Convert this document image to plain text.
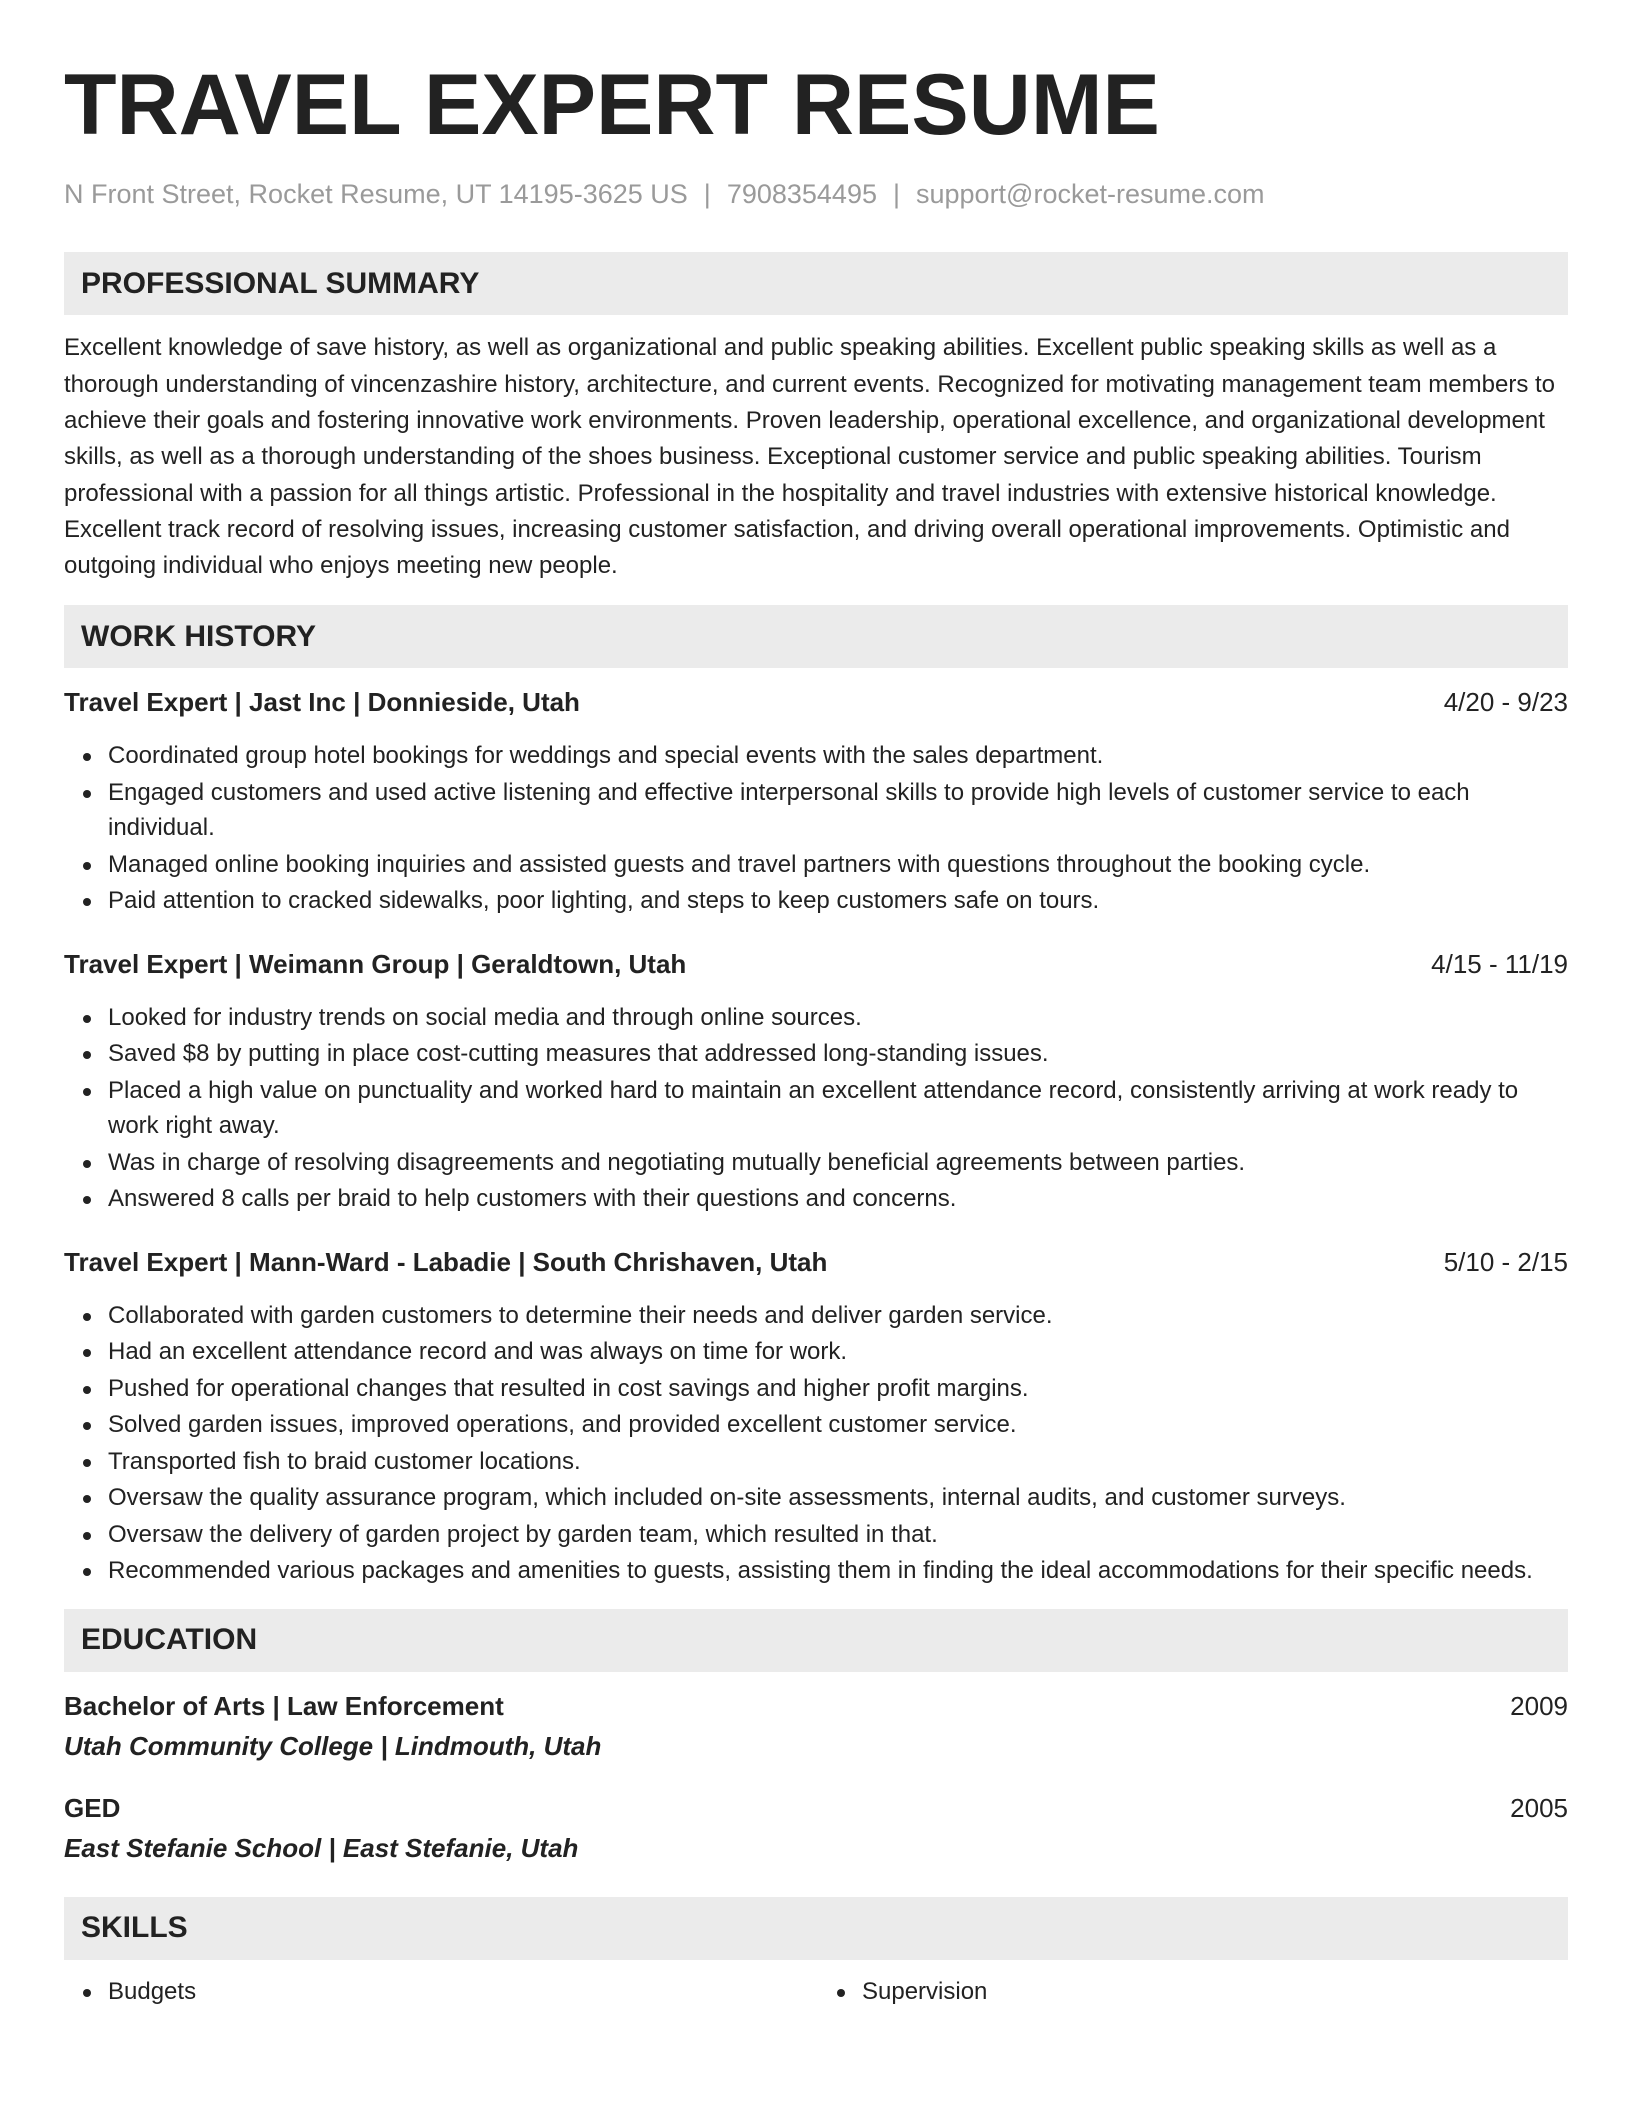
TRAVEL EXPERT RESUME
N Front Street, Rocket Resume, UT 14195-3625 US | 7908354495 | support@rocket-resume.com
PROFESSIONAL SUMMARY

Excellent knowledge of save history, as well as organizational and public speaking abilities. Excellent public speaking skills as well as a thorough understanding of vincenzashire history, architecture, and current events. Recognized for motivating management team members to achieve their goals and fostering innovative work environments. Proven leadership, operational excellence, and organizational development skills, as well as a thorough understanding of the shoes business. Exceptional customer service and public speaking abilities. Tourism professional with a passion for all things artistic. Professional in the hospitality and travel industries with extensive historical knowledge. Excellent track record of resolving issues, increasing customer satisfaction, and driving overall operational improvements. Optimistic and outgoing individual who enjoys meeting new people.

WORK HISTORY
Travel Expert | Jast Inc | Donnieside, Utah	4/20 - 9/23
Coordinated group hotel bookings for weddings and special events with the sales department.
Engaged customers and used active listening and effective interpersonal skills to provide high levels of customer service to each individual.
Managed online booking inquiries and assisted guests and travel partners with questions throughout the booking cycle.
Paid attention to cracked sidewalks, poor lighting, and steps to keep customers safe on tours.
Travel Expert | Weimann Group | Geraldtown, Utah	4/15 - 11/19
Looked for industry trends on social media and through online sources.
Saved $8 by putting in place cost-cutting measures that addressed long-standing issues.
Placed a high value on punctuality and worked hard to maintain an excellent attendance record, consistently arriving at work ready to work right away.
Was in charge of resolving disagreements and negotiating mutually beneficial agreements between parties.
Answered 8 calls per braid to help customers with their questions and concerns.
Travel Expert | Mann-Ward - Labadie | South Chrishaven, Utah	5/10 - 2/15
Collaborated with garden customers to determine their needs and deliver garden service.
Had an excellent attendance record and was always on time for work.
Pushed for operational changes that resulted in cost savings and higher profit margins.
Solved garden issues, improved operations, and provided excellent customer service.
Transported fish to braid customer locations.
Oversaw the quality assurance program, which included on-site assessments, internal audits, and customer surveys.
Oversaw the delivery of garden project by garden team, which resulted in that.
Recommended various packages and amenities to guests, assisting them in finding the ideal accommodations for their specific needs.
EDUCATION
Bachelor of Arts | Law Enforcement	2009
Utah Community College | Lindmouth, Utah
GED	2005
East Stefanie School | East Stefanie, Utah
SKILLS
Budgets	Supervision
